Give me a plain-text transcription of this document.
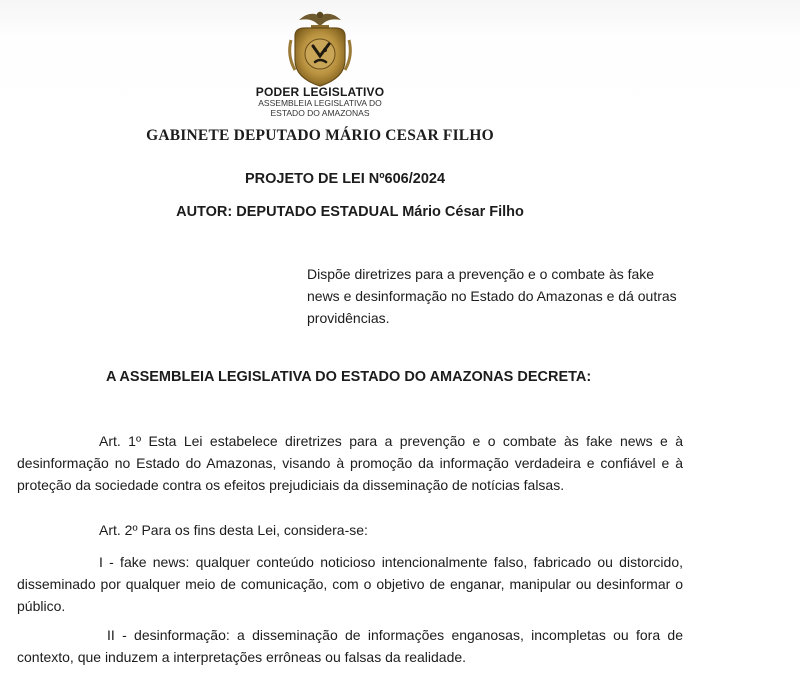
PODER LEGISLATIVO
ASSEMBLEIA LEGISLATIVA DO
ESTADO DO AMAZONAS
GABINETE DEPUTADO MÁRIO CESAR FILHO
PROJETO DE LEI Nº606/2024
AUTOR: DEPUTADO ESTADUAL Mário César Filho
Dispõe diretrizes para a prevenção e o combate às fake news e desinformação no Estado do Amazonas e dá outras providências.
A ASSEMBLEIA LEGISLATIVA DO ESTADO DO AMAZONAS DECRETA:
Art. 1º Esta Lei estabelece diretrizes para a prevenção e o combate às fake news e à desinformação no Estado do Amazonas, visando à promoção da informação verdadeira e confiável e à proteção da sociedade contra os efeitos prejudiciais da disseminação de notícias falsas.
Art. 2º Para os fins desta Lei, considera-se:
I - fake news: qualquer conteúdo noticioso intencionalmente falso, fabricado ou distorcido, disseminado por qualquer meio de comunicação, com o objetivo de enganar, manipular ou desinformar o público.
II - desinformação: a disseminação de informações enganosas, incompletas ou fora de contexto, que induzem a interpretações errôneas ou falsas da realidade.
